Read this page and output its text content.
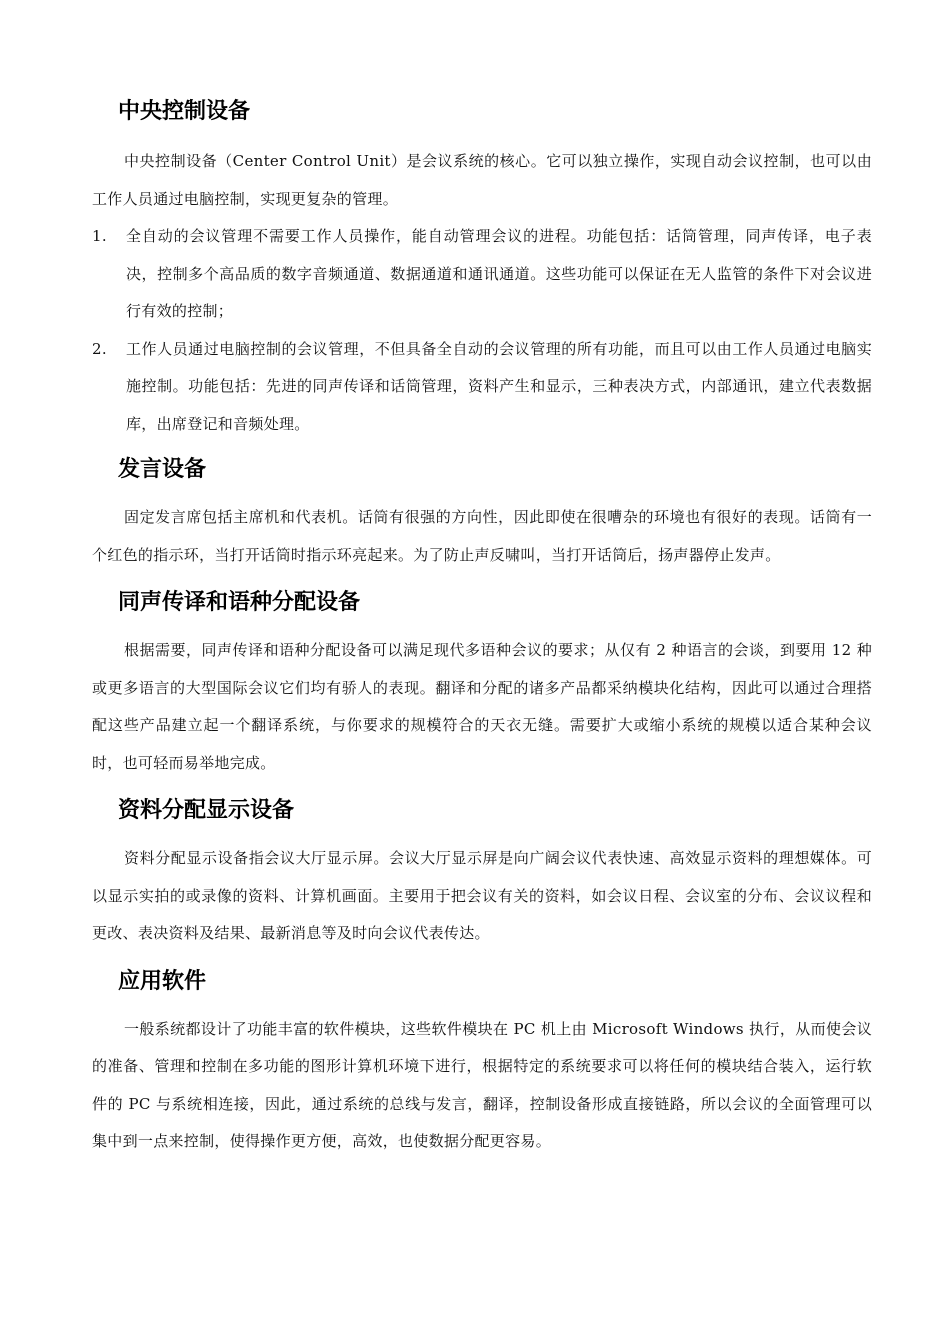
中央控制设备

中央控制设备（Center Control Unit）是会议系统的核心。它可以独立操作，实现自动会议控制，也可以由工作人员通过电脑控制，实现更复杂的管理。

1. 全自动的会议管理不需要工作人员操作，能自动管理会议的进程。功能包括：话筒管理，同声传译，电子表决，控制多个高品质的数字音频通道、数据通道和通讯通道。这些功能可以保证在无人监管的条件下对会议进行有效的控制；
2. 工作人员通过电脑控制的会议管理，不但具备全自动的会议管理的所有功能，而且可以由工作人员通过电脑实施控制。功能包括：先进的同声传译和话筒管理，资料产生和显示，三种表决方式，内部通讯，建立代表数据库，出席登记和音频处理。
发言设备

固定发言席包括主席机和代表机。话筒有很强的方向性，因此即使在很嘈杂的环境也有很好的表现。话筒有一个红色的指示环，当打开话筒时指示环亮起来。为了防止声反啸叫，当打开话筒后，扬声器停止发声。

同声传译和语种分配设备

根据需要，同声传译和语种分配设备可以满足现代多语种会议的要求；从仅有 2 种语言的会谈，到要用 12 种或更多语言的大型国际会议它们均有骄人的表现。翻译和分配的诸多产品都采纳模块化结构，因此可以通过合理搭配这些产品建立起一个翻译系统，与你要求的规模符合的天衣无缝。需要扩大或缩小系统的规模以适合某种会议时，也可轻而易举地完成。

资料分配显示设备

资料分配显示设备指会议大厅显示屏。会议大厅显示屏是向广阔会议代表快速、高效显示资料的理想媒体。可以显示实拍的或录像的资料、计算机画面。主要用于把会议有关的资料，如会议日程、会议室的分布、会议议程和更改、表决资料及结果、最新消息等及时向会议代表传达。

应用软件

一般系统都设计了功能丰富的软件模块，这些软件模块在 PC 机上由 Microsoft Windows 执行，从而使会议的准备、管理和控制在多功能的图形计算机环境下进行，根据特定的系统要求可以将任何的模块结合装入，运行软件的 PC 与系统相连接，因此，通过系统的总线与发言，翻译，控制设备形成直接链路，所以会议的全面管理可以集中到一点来控制，使得操作更方便，高效，也使数据分配更容易。
